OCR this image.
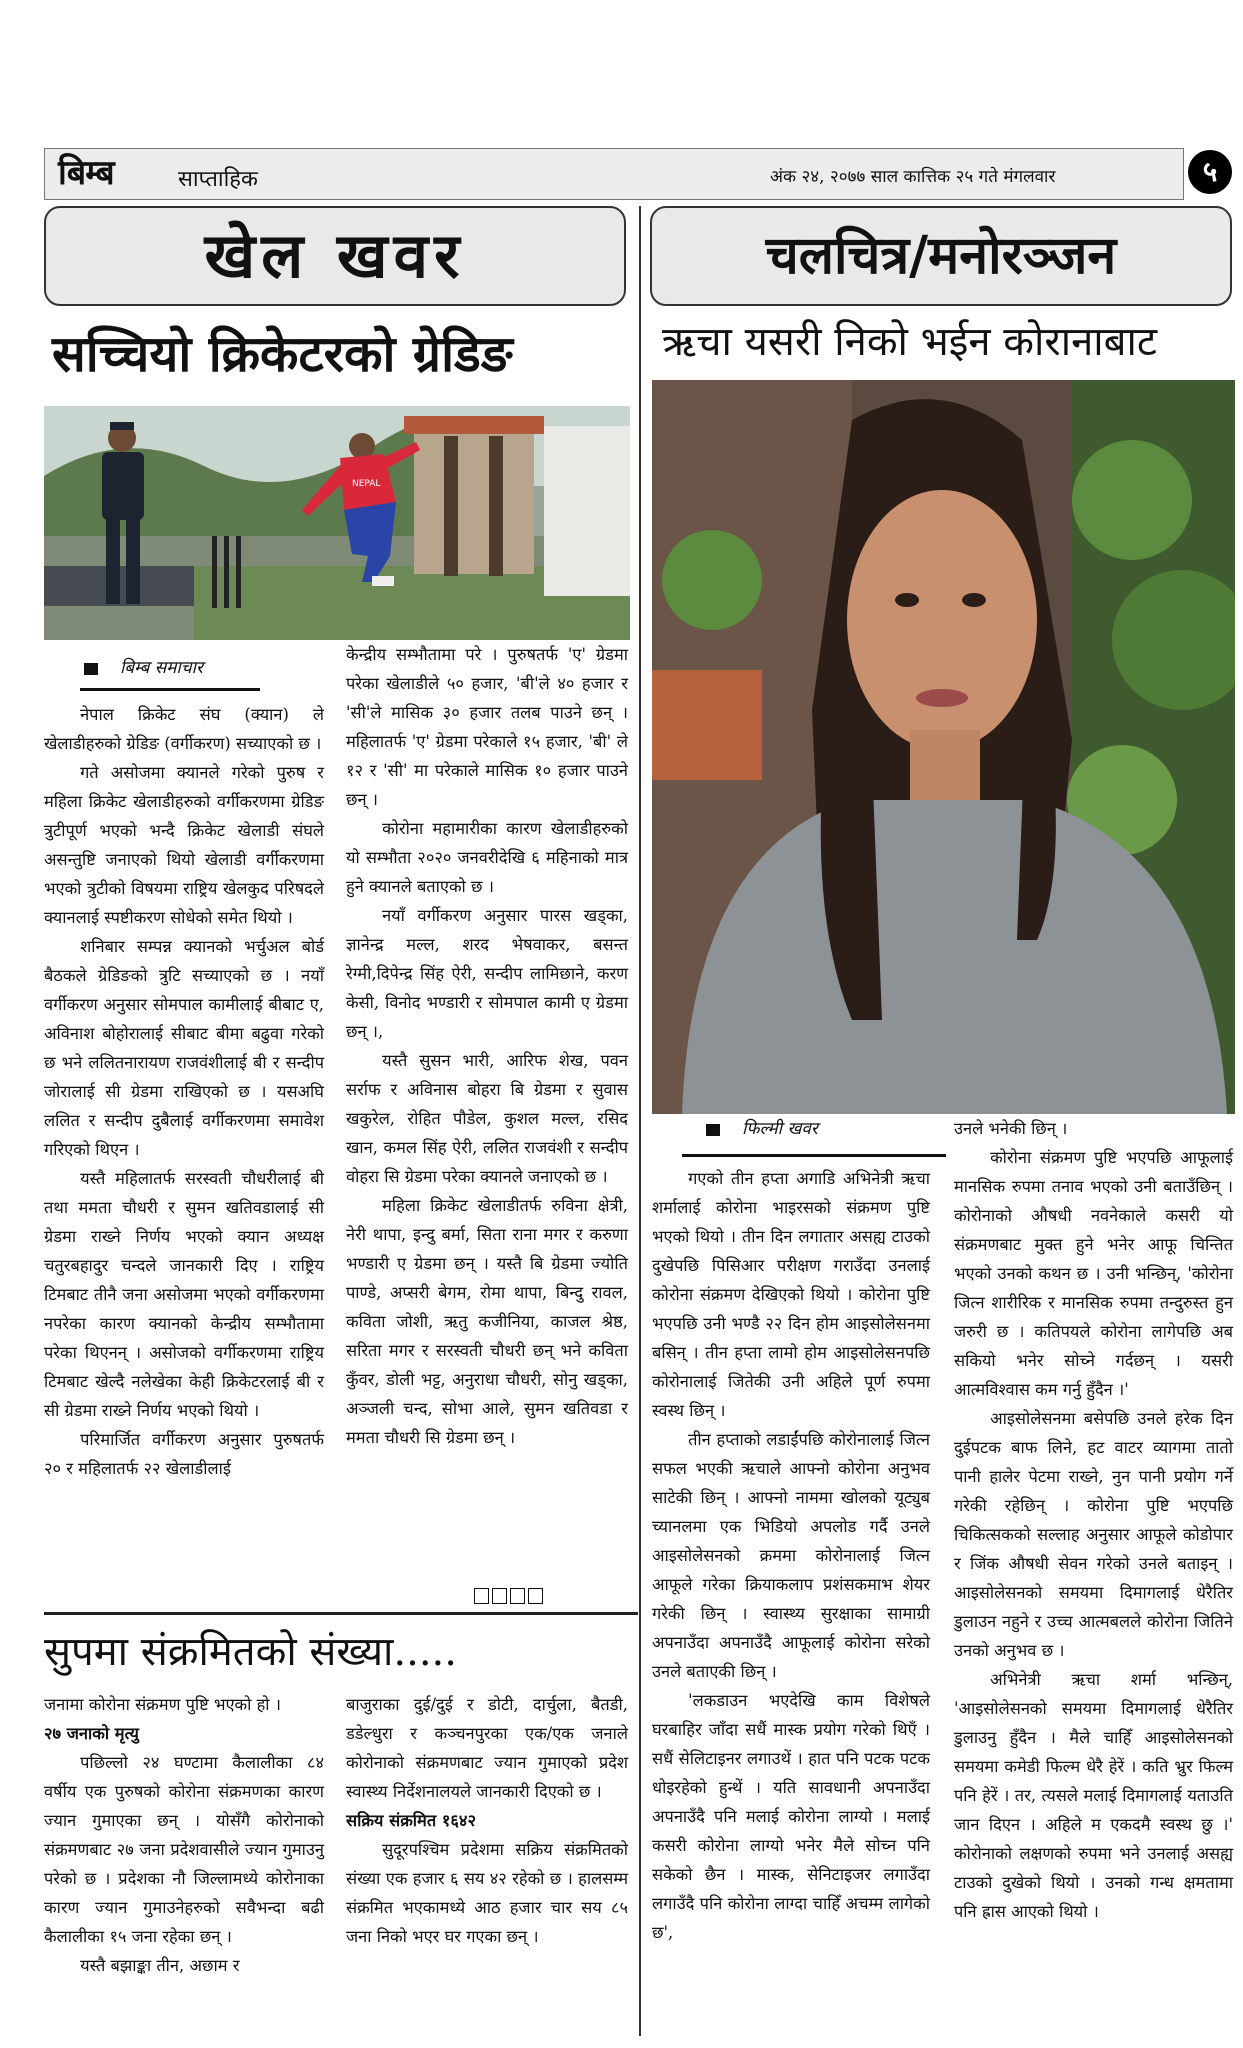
बिम्ब	साप्ताहिक	अंक २४, २०७७ साल कात्तिक २५ गते मंगलवार	५
खेल खवर	चलचित्र/मनोरञ्जन
सच्चियो क्रिकेटरको ग्रेडिङ	ऋचा यसरी निको भईन कोरानाबाट
NEPAL
बिम्ब समाचार

नेपाल क्रिकेट संघ (क्यान) ले खेलाडीहरुको ग्रेडिङ (वर्गीकरण) सच्याएको छ ।

गते असोजमा क्यानले गरेको पुरुष र महिला क्रिकेट खेलाडीहरुको वर्गीकरणमा ग्रेडिङ त्रुटीपूर्ण भएको भन्दै क्रिकेट खेलाडी संघले असन्तुष्टि जनाएको थियो खेलाडी वर्गीकरणमा भएको त्रुटीको विषयमा राष्ट्रिय खेलकुद परिषदले क्यानलाई स्पष्टीकरण सोधेको समेत थियो ।

शनिबार सम्पन्न क्यानको भर्चुअल बोर्ड बैठकले ग्रेडिङको त्रुटि सच्याएको छ । नयाँ वर्गीकरण अनुसार सोमपाल कामीलाई बीबाट ए, अविनाश बोहोरालाई सीबाट बीमा बढुवा गरेको छ भने ललितनारायण राजवंशीलाई बी र सन्दीप जोरालाई सी ग्रेडमा राखिएको छ । यसअघि ललित र सन्दीप दुबैलाई वर्गीकरणमा समावेश गरिएको थिएन ।

यस्तै महिलातर्फ सरस्वती चौधरीलाई बी तथा ममता चौधरी र सुमन खतिवडालाई सी ग्रेडमा राख्ने निर्णय भएको क्यान अध्यक्ष चतुरबहादुर चन्दले जानकारी दिए । राष्ट्रिय टिमबाट तीनै जना असोजमा भएको वर्गीकरणमा नपरेका कारण क्यानको केन्द्रीय सम्भौतामा परेका थिएनन् । असोजको वर्गीकरणमा राष्ट्रिय टिमबाट खेल्दै नलेखेका केही क्रिकेटरलाई बी र सी ग्रेडमा राख्ने निर्णय भएको थियो ।

परिमार्जित वर्गीकरण अनुसार पुरुषतर्फ २० र महिलातर्फ २२ खेलाडीलाई

केन्द्रीय सम्भौतामा परे । पुरुषतर्फ 'ए' ग्रेडमा परेका खेलाडीले ५० हजार, 'बी'ले ४० हजार र 'सी'ले मासिक ३० हजार तलब पाउने छन् । महिलातर्फ 'ए' ग्रेडमा परेकाले १५ हजार, 'बी' ले १२ र 'सी' मा परेकाले मासिक १० हजार पाउने छन् ।

कोरोना महामारीका कारण खेलाडीहरुको यो सम्भौता २०२० जनवरीदेखि ६ महिनाको मात्र हुने क्यानले बताएको छ ।

नयाँ वर्गीकरण अनुसार पारस खड्का, ज्ञानेन्द्र मल्ल, शरद भेषवाकर, बसन्त रेग्मी,दिपेन्द्र सिंह ऐरी, सन्दीप लामिछाने, करण केसी, विनोद भण्डारी र सोमपाल कामी ए ग्रेडमा छन् ।,

यस्तै सुसन भारी, आरिफ शेख, पवन सर्राफ र अविनास बोहरा बि ग्रेडमा र सुवास खकुरेल, रोहित पौडेल, कुशल मल्ल, रसिद खान, कमल सिंह ऐरी, ललित राजवंशी र सन्दीप वोहरा सि ग्रेडमा परेका क्यानले जनाएको छ ।

महिला क्रिकेट खेलाडीतर्फ रुविना क्षेत्री, नेरी थापा, इन्दु बर्मा, सिता राना मगर र करुणा भण्डारी ए ग्रेडमा छन् । यस्तै बि ग्रेडमा ज्योति पाण्डे, अप्सरी बेगम, रोमा थापा, बिन्दु रावल, कविता जोशी, ऋतु कजीनिया, काजल श्रेष्ठ, सरिता मगर र सरस्वती चौधरी छन् भने कविता कुँवर, डोली भट्ट, अनुराधा चौधरी, सोनु खड्का, अञ्जली चन्द, सोभा आले, सुमन खतिवडा र ममता चौधरी सि ग्रेडमा छन् ।

सुपमा संक्रमितको संख्या.....

जनामा कोरोना संक्रमण पुष्टि भएको हो ।

२७ जनाको मृत्यु

पछिल्लो २४ घण्टामा कैलालीका ८४ वर्षीय एक पुरुषको कोरोना संक्रमणका कारण ज्यान गुमाएका छन् । योसँगै कोरोनाको संक्रमणबाट २७ जना प्रदेशवासीले ज्यान गुमाउनु परेको छ । प्रदेशका नौ जिल्लामध्ये कोरोनाका कारण ज्यान गुमाउनेहरुको सवैभन्दा बढी कैलालीका १५ जना रहेका छन् ।

यस्तै बझाङ्का तीन, अछाम र

बाजुराका दुई/दुई र डोटी, दार्चुला, बैतडी, डडेल्धुरा र कञ्चनपुरका एक/एक जनाले कोरोनाको संक्रमणबाट ज्यान गुमाएको प्रदेश स्वास्थ्य निर्देशनालयले जानकारी दिएको छ ।

सक्रिय संक्रमित १६४२

सुदूरपश्चिम प्रदेशमा सक्रिय संक्रमितको संख्या एक हजार ६ सय ४२ रहेको छ । हालसम्म संक्रमित भएकामध्ये आठ हजार चार सय ८५ जना निको भएर घर गएका छन् ।

फिल्मी खवर

गएको तीन हप्ता अगाडि अभिनेत्री ऋचा शर्मालाई कोरोना भाइरसको संक्रमण पुष्टि भएको थियो । तीन दिन लगातार असह्य टाउको दुखेपछि पिसिआर परीक्षण गराउँदा उनलाई कोरोना संक्रमण देखिएको थियो । कोरोना पुष्टि भएपछि उनी भण्डै २२ दिन होम आइसोलेसनमा बसिन् । तीन हप्ता लामो होम आइसोलेसनपछि कोरोनालाई जितेकी उनी अहिले पूर्ण रुपमा स्वस्थ छिन् ।

तीन हप्ताको लडाईंपछि कोरोनालाई जित्न सफल भएकी ऋचाले आफ्नो कोरोना अनुभव साटेकी छिन् । आफ्नो नाममा खोलको यूट्युब च्यानलमा एक भिडियो अपलोड गर्दै उनले आइसोलेसनको क्रममा कोरोनालाई जित्न आफूले गरेका क्रियाकलाप प्रशंसकमाभ शेयर गरेकी छिन् । स्वास्थ्य सुरक्षाका सामाग्री अपनाउँदा अपनाउँदै आफूलाई कोरोना सरेको उनले बताएकी छिन् ।

'लकडाउन भएदेखि काम विशेषले घरबाहिर जाँदा सधैं मास्क प्रयोग गरेको थिएँ । सधैं सेलिटाइनर लगाउथें । हात पनि पटक पटक धोइरहेको हुन्थें । यति सावधानी अपनाउँदा अपनाउँदै पनि मलाई कोरोना लाग्यो । मलाई कसरी कोरोना लाग्यो भनेर मैले सोच्न पनि सकेको छैन । मास्क, सेनिटाइजर लगाउँदा लगाउँदै पनि कोरोना लाग्दा चाहिँ अचम्म लागेको छ',

उनले भनेकी छिन् ।

कोरोना संक्रमण पुष्टि भएपछि आफूलाई मानसिक रुपमा तनाव भएको उनी बताउँछिन् । कोरोनाको औषधी नवनेकाले कसरी यो संक्रमणबाट मुक्त हुने भनेर आफू चिन्तित भएको उनको कथन छ । उनी भन्छिन्, 'कोरोना जित्न शारीरिक र मानसिक रुपमा तन्दुरुस्त हुन जरुरी छ । कतिपयले कोरोना लागेपछि अब सकियो भनेर सोच्ने गर्दछन् । यसरी आत्मविश्वास कम गर्नु हुँदैन ।'

आइसोलेसनमा बसेपछि उनले हरेक दिन दुईपटक बाफ लिने, हट वाटर व्यागमा तातो पानी हालेर पेटमा राख्ने, नुन पानी प्रयोग गर्ने गरेकी रहेछिन् । कोरोना पुष्टि भएपछि चिकित्सकको सल्लाह अनुसार आफूले कोडोपार र जिंक औषधी सेवन गरेको उनले बताइन् । आइसोलेसनको समयमा दिमागलाई धेरैतिर डुलाउन नहुने र उच्च आत्मबलले कोरोना जितिने उनको अनुभव छ ।

अभिनेत्री ऋचा शर्मा भन्छिन्, 'आइसोलेसनको समयमा दिमागलाई धेरैतिर डुलाउनु हुँदैन । मैले चाहिँ आइसोलेसनको समयमा कमेडी फिल्म धेरै हेरें । कति भ्रुर फिल्म पनि हेरें । तर, त्यसले मलाई दिमागलाई यताउति जान दिएन । अहिले म एकदमै स्वस्थ छु ।' कोरोनाको लक्षणको रुपमा भने उनलाई असह्य टाउको दुखेको थियो । उनको गन्ध क्षमतामा पनि ह्रास आएको थियो ।
